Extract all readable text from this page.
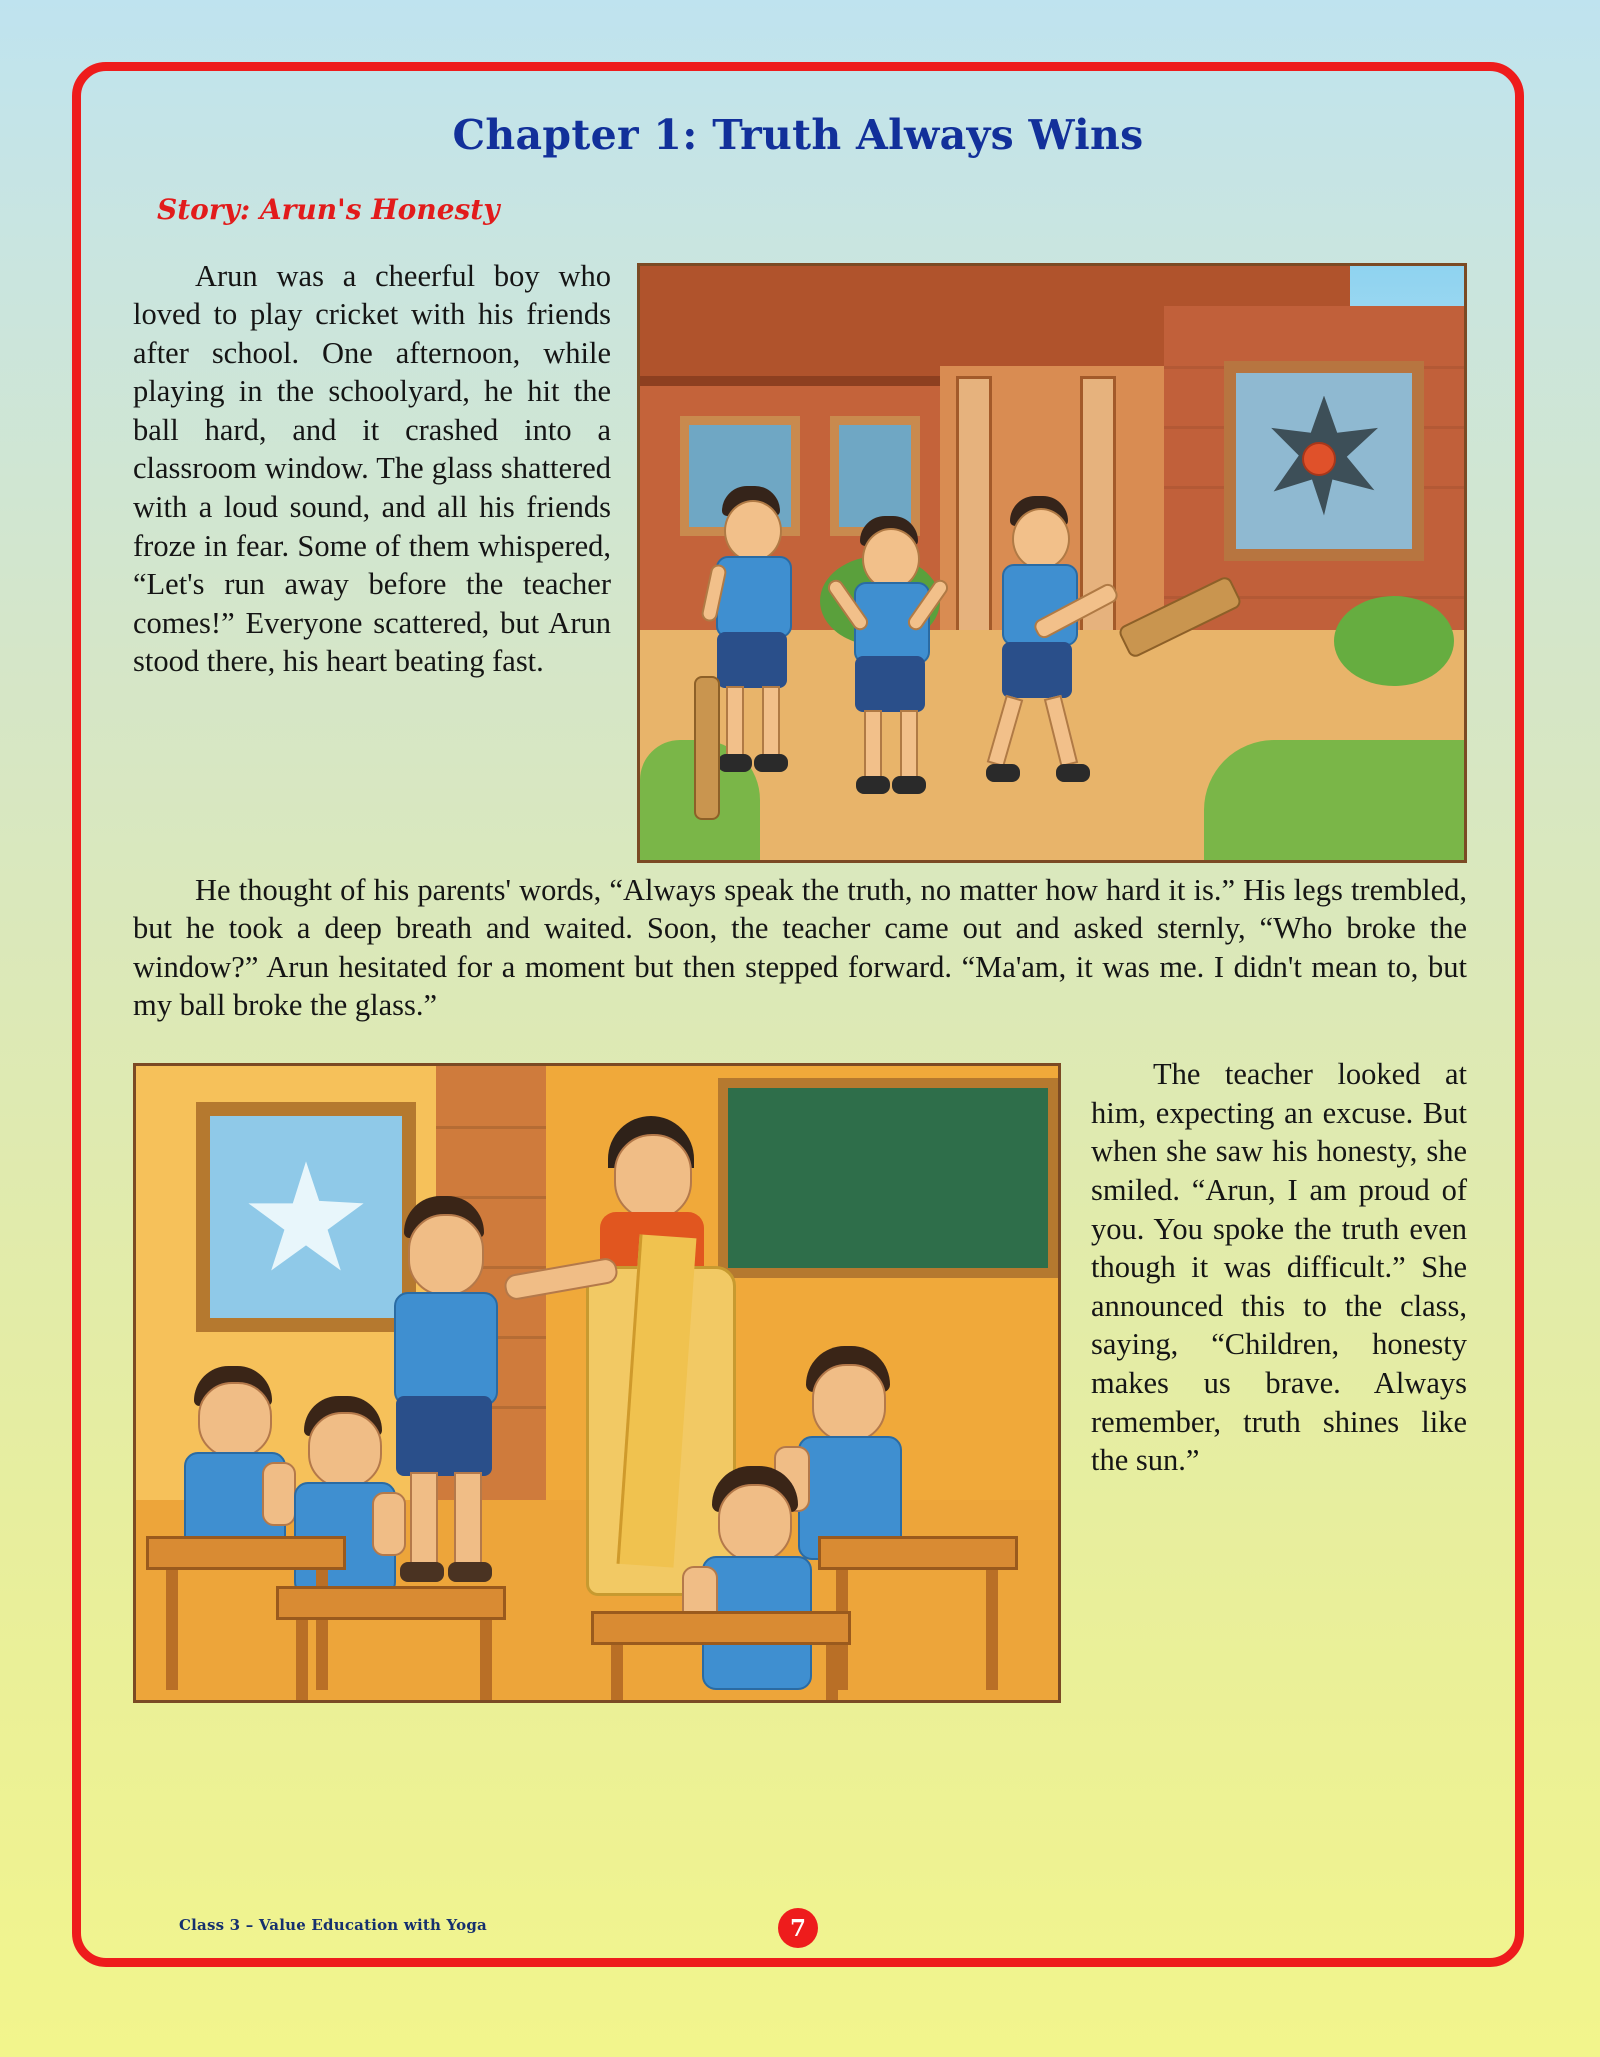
Chapter 1: Truth Always Wins
Story: Arun's Honesty

Arun was a cheerful boy who loved to play cricket with his friends after school. One afternoon, while playing in the schoolyard, he hit the ball hard, and it crashed into a classroom window. The glass shattered with a loud sound, and all his friends froze in fear. Some of them whispered, “Let's run away before the teacher comes!” Everyone scattered, but Arun stood there, his heart beating fast.

He thought of his parents' words, “Always speak the truth, no matter how hard it is.” His legs trembled, but he took a deep breath and waited. Soon, the teacher came out and asked sternly, “Who broke the window?” Arun hesitated for a moment but then stepped forward. “Ma'am, it was me. I didn't mean to, but my ball broke the glass.”

The teacher looked at him, expecting an excuse. But when she saw his honesty, she smiled. “Arun, I am proud of you. You spoke the truth even though it was difficult.” She announced this to the class, saying, “Children, honesty makes us brave. Always remember, truth shines like the sun.”

Class 3 – Value Education with Yoga	7
